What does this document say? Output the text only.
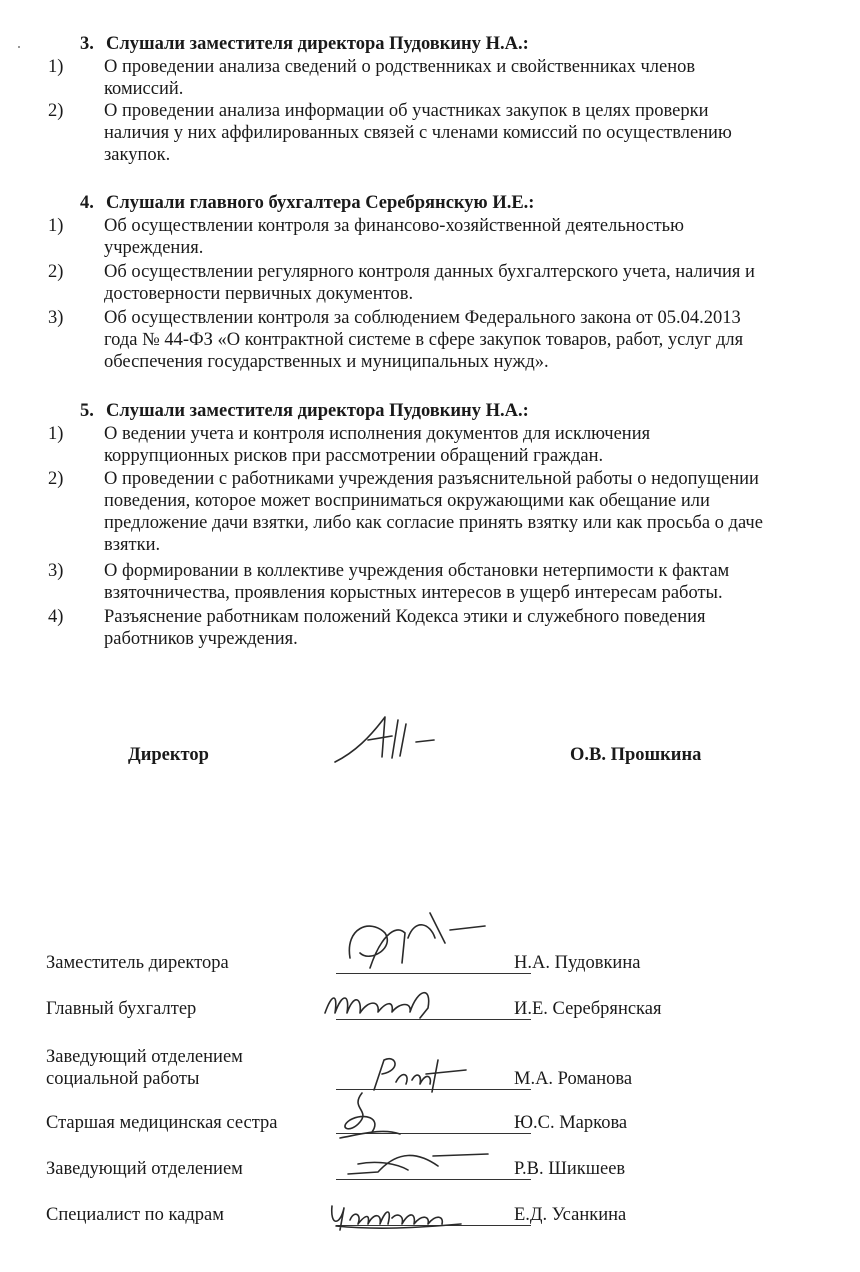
3. Слушали заместителя директора Пудовкину Н.А.:
1) О проведении анализа сведений о родственниках и свойственниках членов
комиссий.
2) О проведении анализа информации об участниках закупок в целях проверки
наличия у них аффилированных связей с членами комиссий по осуществлению
закупок.
4. Слушали главного бухгалтера Серебрянскую И.Е.:
1) Об осуществлении контроля за финансово-хозяйственной деятельностью
учреждения.
2) Об осуществлении регулярного контроля данных бухгалтерского учета, наличия и
достоверности первичных документов.
3) Об осуществлении контроля за соблюдением Федерального закона от 05.04.2013
года № 44-ФЗ «О контрактной системе в сфере закупок товаров, работ, услуг для
обеспечения государственных и муниципальных нужд».
5. Слушали заместителя директора Пудовкину Н.А.:
1) О ведении учета и контроля исполнения документов для исключения
коррупционных рисков при рассмотрении обращений граждан.
2) О проведении с работниками учреждения разъяснительной работы о недопущении
поведения, которое может восприниматься окружающими как обещание или
предложение дачи взятки, либо как согласие принять взятку или как просьба о даче
взятки.
3) О формировании в коллективе учреждения обстановки нетерпимости к фактам
взяточничества, проявления корыстных интересов в ущерб интересам работы.
4) Разъяснение работникам положений Кодекса этики и служебного поведения
работников учреждения.
Директор	О.В. Прошкина
Заместитель директора	Н.А. Пудовкина
Главный бухгалтер	И.Е. Серебрянская
Заведующий отделением
социальной работы	М.А. Романова
Старшая медицинская сестра	Ю.С. Маркова
Заведующий отделением	Р.В. Шикшеев
Специалист по кадрам	Е.Д. Усанкина
